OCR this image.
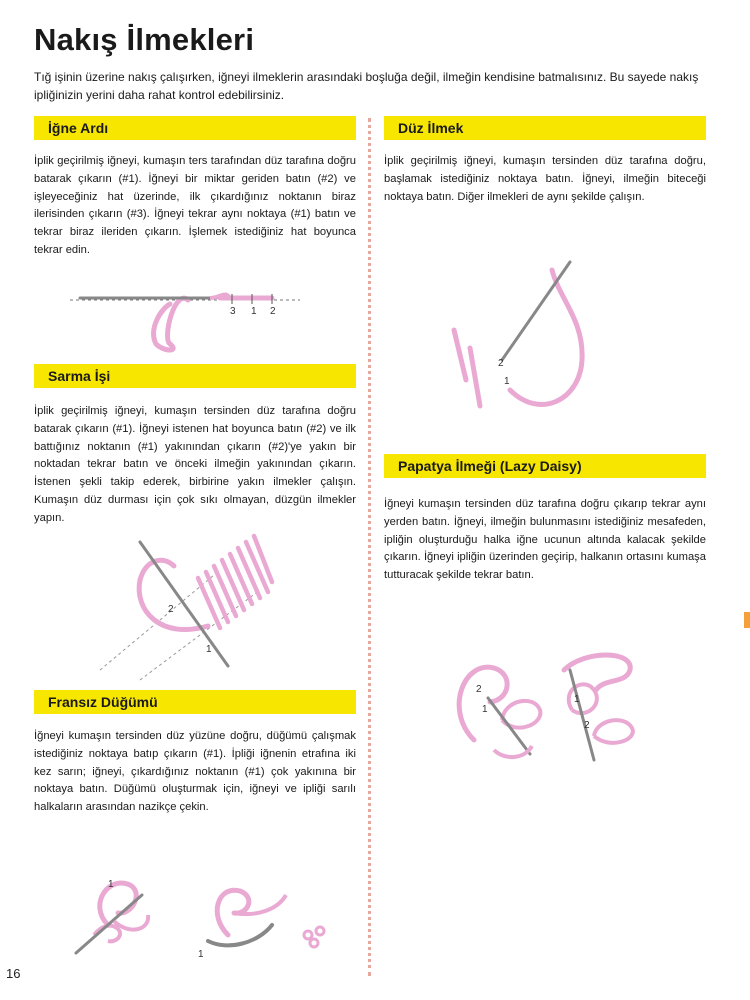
Nakış İlmekleri
Tığ işinin üzerine nakış çalışırken, iğneyi ilmeklerin arasındaki boşluğa değil, ilmeğin kendisine batmalısınız. Bu sayede nakış ipliğinizin yerini daha rahat kontrol edebilirsiniz.
İğne Ardı
İplik geçirilmiş iğneyi, kumaşın ters tarafından düz tarafına doğru batarak çıkarın (#1). İğneyi bir miktar geriden batın (#2) ve işleyeceğiniz hat üzerinde, ilk çıkardığınız noktanın biraz ilerisinden çıkarın (#3). İğneyi tekrar aynı noktaya (#1) batın ve tekrar biraz ileriden çıkarın. İşlemek istediğiniz hat boyunca tekrar edin.
3 1 2
Sarma İşi
İplik geçirilmiş iğneyi, kumaşın tersinden düz tarafına doğru batarak çıkarın (#1). İğneyi istenen hat boyunca batın (#2) ve ilk battığınız noktanın (#1) yakınından çıkarın (#2)'ye yakın bir noktadan tekrar batın ve önceki ilmeğin yakınından çıkarın. İstenen şekli takip ederek, birbirine yakın ilmekler çalışın. Kumaşın düz durması için çok sıkı olmayan, düzgün ilmekler yapın.
2
1
Fransız Düğümü
İğneyi kumaşın tersinden düz yüzüne doğru, düğümü çalışmak istediğiniz noktaya batıp çıkarın (#1). İpliği iğnenin etrafına iki kez sarın; iğneyi, çıkardığınız noktanın (#1) çok yakınına bir noktaya batın. Düğümü oluşturmak için, iğneyi ve ipliği sarılı halkaların arasından nazikçe çekin.
1
1
Düz İlmek
İplik geçirilmiş iğneyi, kumaşın tersinden düz tarafına doğru, başlamak istediğiniz noktaya batın. İğneyi, ilmeğin biteceği noktaya batın. Diğer ilmekleri de aynı şekilde çalışın.
2
1
Papatya İlmeği (Lazy Daisy)
İğneyi kumaşın tersinden düz tarafına doğru çıkarıp tekrar aynı yerden batın. İğneyi, ilmeğin bulunmasını istediğiniz mesafeden, ipliğin oluşturduğu halka iğne ucunun altında kalacak şekilde çıkarın. İğneyi ipliğin üzerinden geçirip, halkanın ortasını kumaşa tutturacak şekilde tekrar batın.
2
1
1
2
16
